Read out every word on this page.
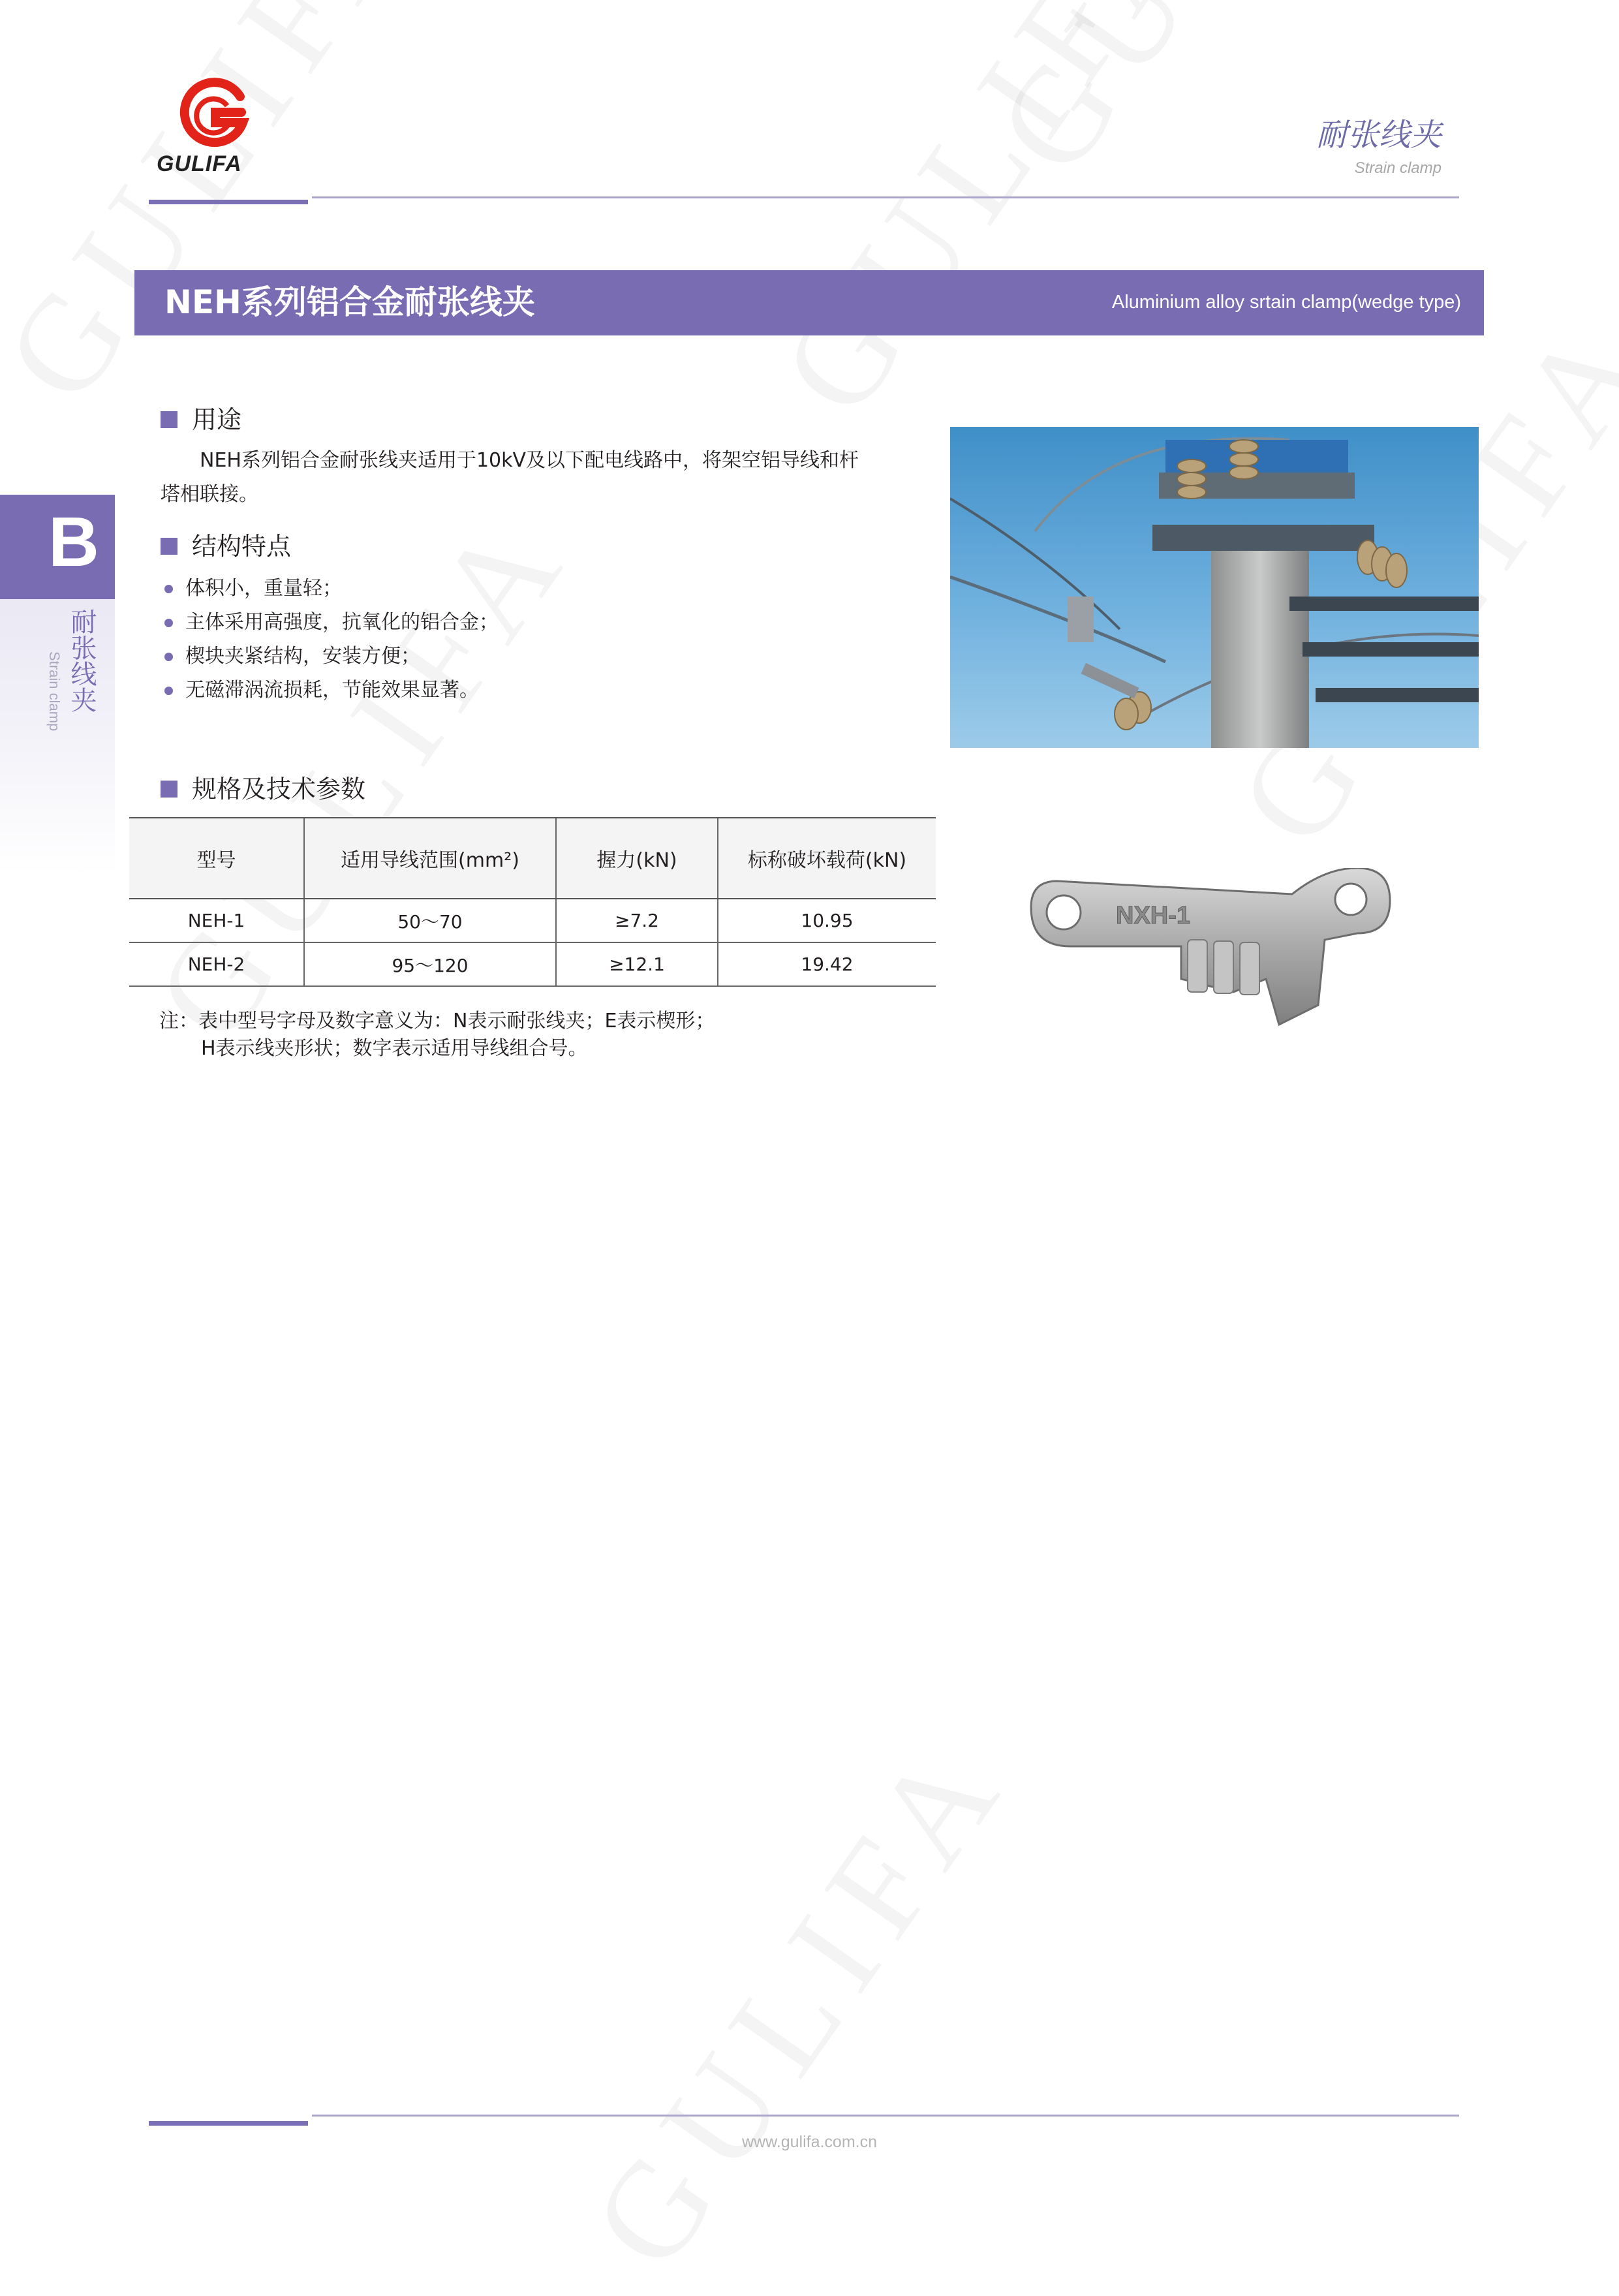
GULIFA
耐张线夹
Strain clamp
NEH系列铝合金耐张线夹	Aluminium alloy srtain clamp(wedge type)
B
耐张线夹
Strain clamp
用途
NEH系列铝合金耐张线夹适用于10kV及以下配电线路中，将架空铝导线和杆
塔相联接。
结构特点
体积小，重量轻；
主体采用高强度，抗氧化的铝合金；
楔块夹紧结构，安装方便；
无磁滞涡流损耗，节能效果显著。
规格及技术参数
型号	适用导线范围(mm²)	握力(kN)	标称破坏载荷(kN)
NEH-1	50～70	≥7.2	10.95
NEH-2	95～120	≥12.1	19.42
注：表中型号字母及数字意义为：N表示耐张线夹；E表示楔形；
H表示线夹形状；数字表示适用导线组合号。
NXH-1
www.gulifa.com.cn
